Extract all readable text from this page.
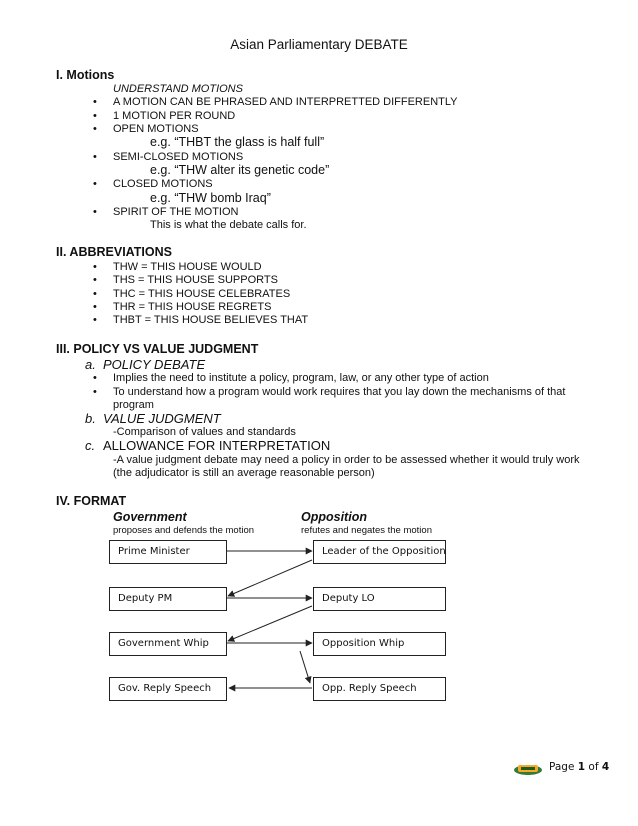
Asian Parliamentary DEBATE
I. Motions
UNDERSTAND MOTIONS
• A MOTION CAN BE PHRASED AND INTERPRETTED DIFFERENTLY
• 1 MOTION PER ROUND
• OPEN MOTIONS
e.g. “THBT the glass is half full”
• SEMI-CLOSED MOTIONS
e.g. “THW alter its genetic code”
• CLOSED MOTIONS
e.g. “THW bomb Iraq”
• SPIRIT OF THE MOTION
This is what the debate calls for.
II. ABBREVIATIONS
• THW = THIS HOUSE WOULD
• THS = THIS HOUSE SUPPORTS
• THC = THIS HOUSE CELEBRATES
• THR = THIS HOUSE REGRETS
• THBT = THIS HOUSE BELIEVES THAT
III. POLICY VS VALUE JUDGMENT
a. POLICY DEBATE
• Implies the need to institute a policy, program, law, or any other type of action
• To understand how a program would work requires that you lay down the mechanisms of that
program
b. VALUE JUDGMENT
-Comparison of values and standards
c. ALLOWANCE FOR INTERPRETATION
-A value judgment debate may need a policy in order to be assessed whether it would truly work
(the adjudicator is still an average reasonable person)
IV. FORMAT
Government
proposes and defends the motion
Opposition
refutes and negates the motion
Prime Minister	Leader of the Opposition
Deputy PM	Deputy LO
Government Whip	Opposition Whip
Gov. Reply Speech	Opp. Reply Speech
Page 1 of 4
